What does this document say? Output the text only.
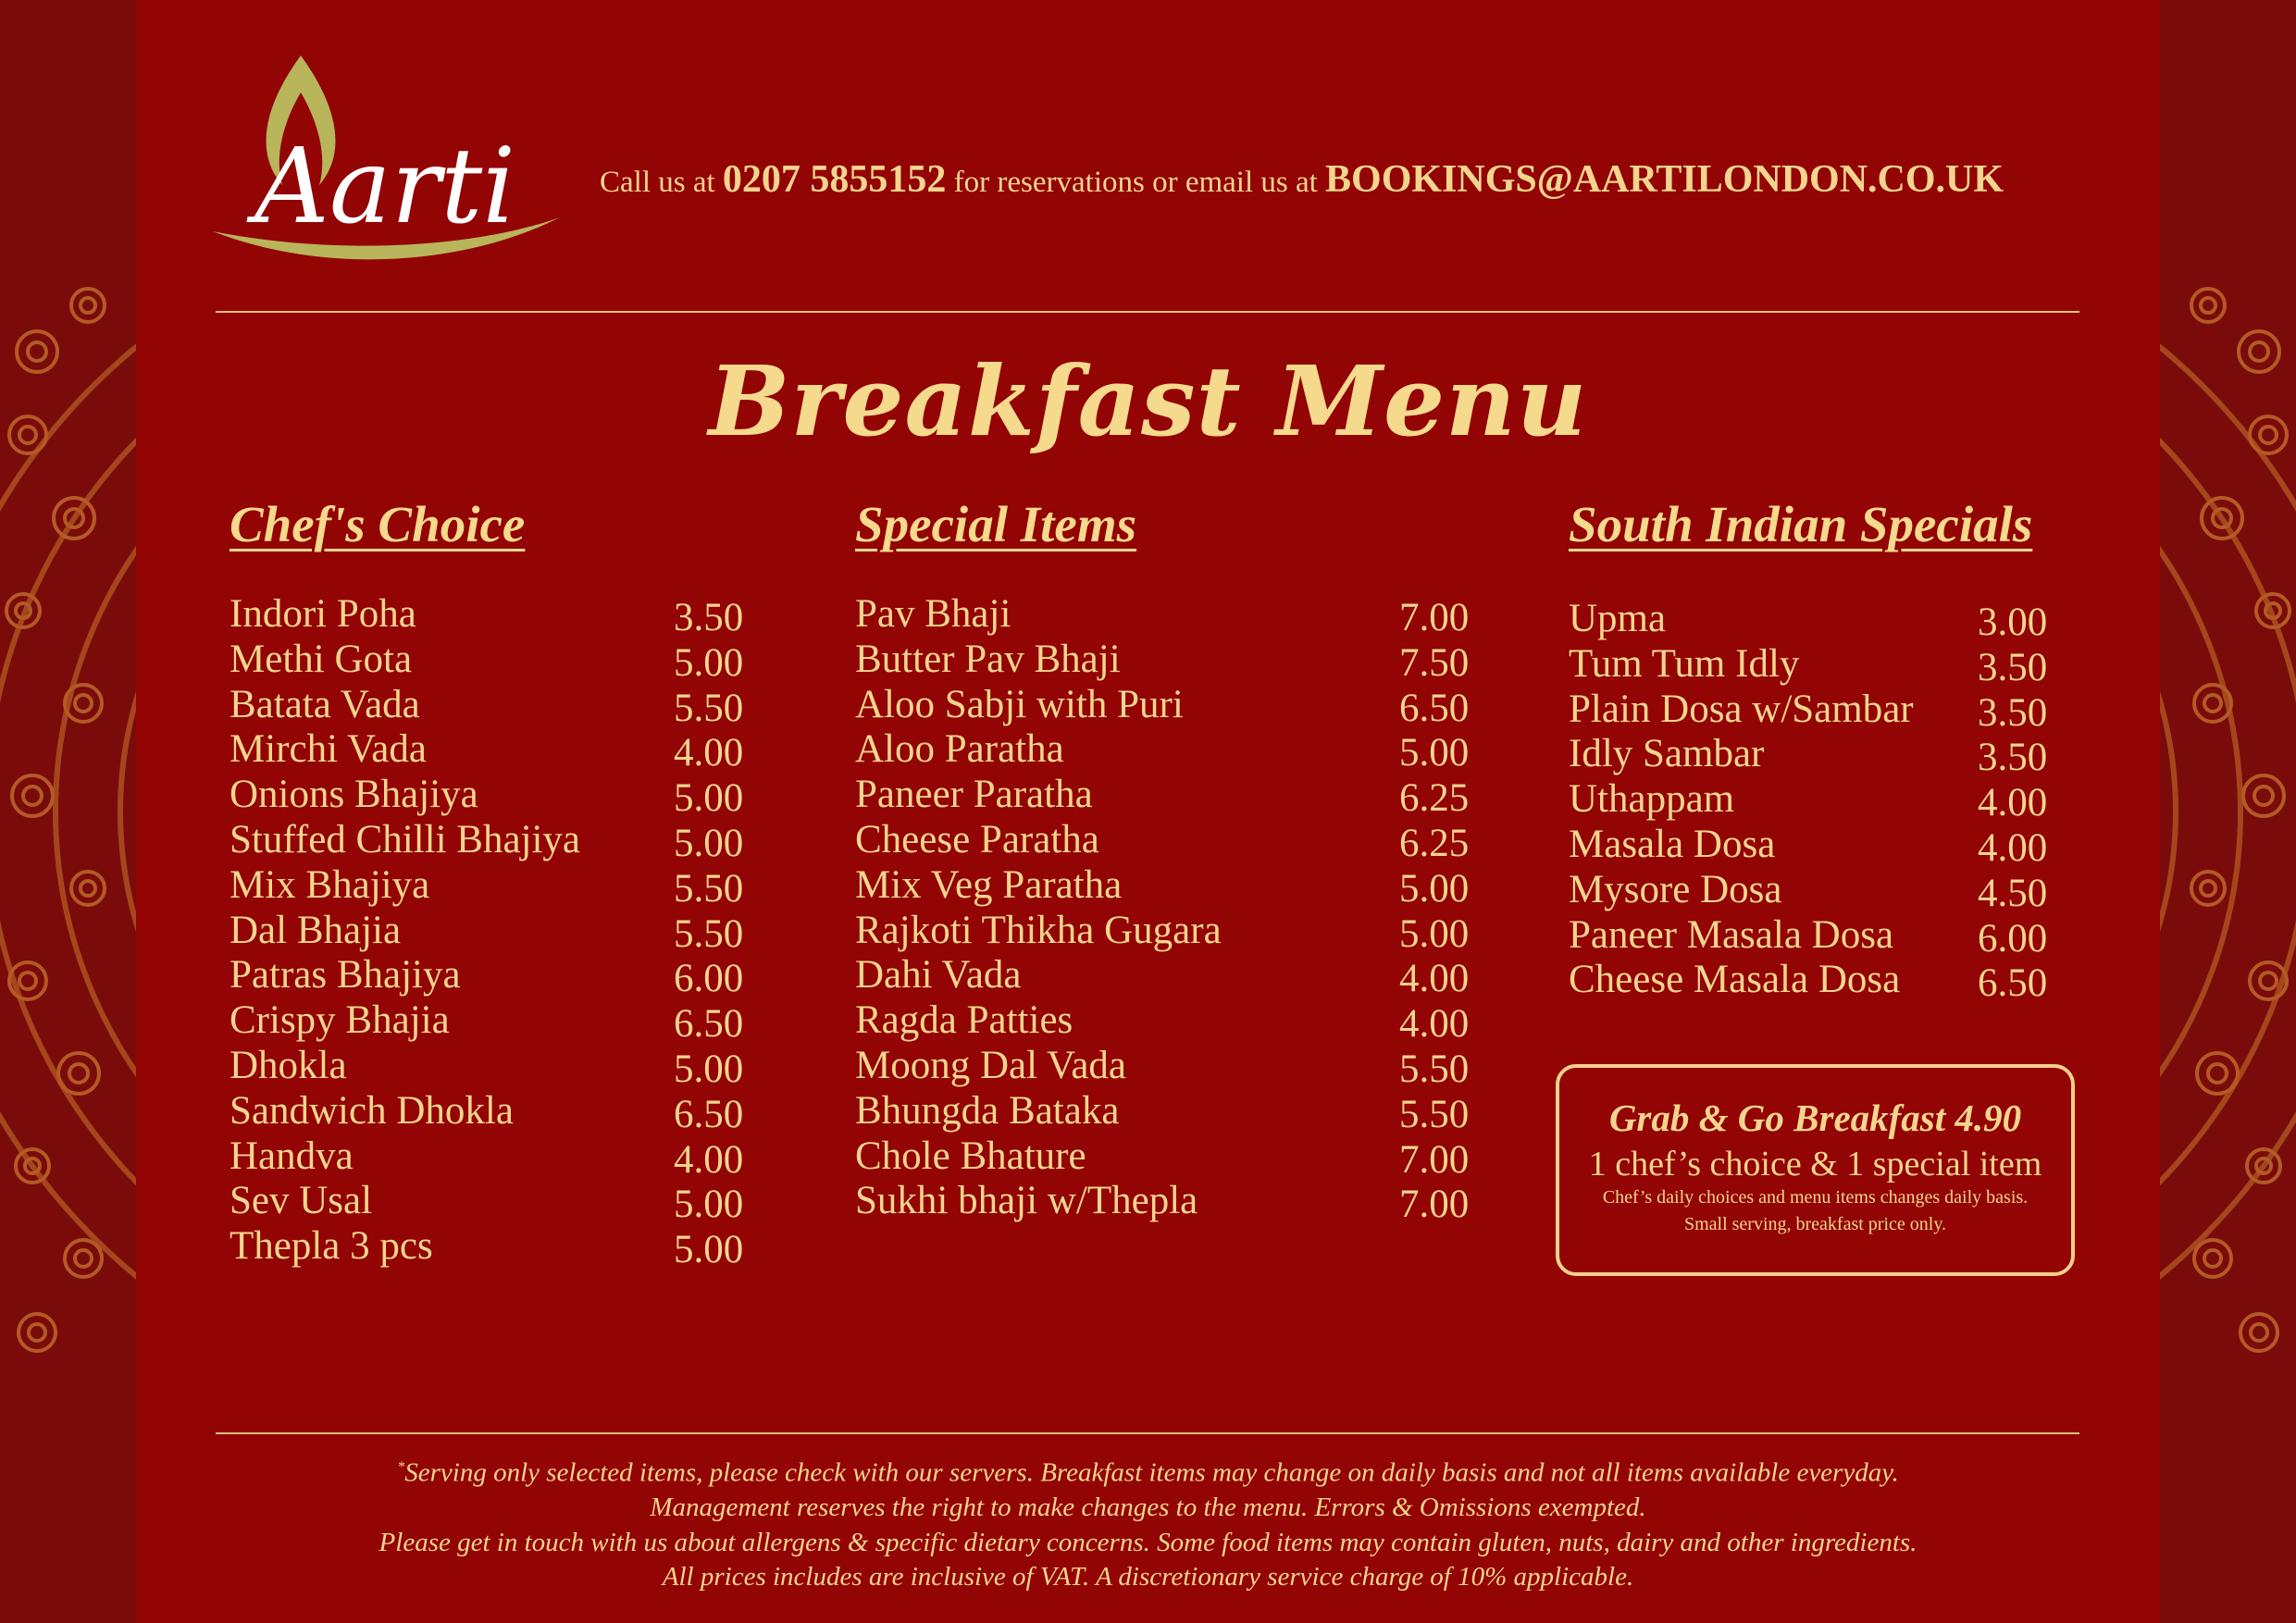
Aarti	Call us at 0207 5855152 for reservations or email us at BOOKINGS@AARTILONDON.CO.UK
Breakfast Menu
Chef's Choice	Special Items	South Indian Specials
Indori Poha	3.50
Methi Gota	5.00
Batata Vada	5.50
Mirchi Vada	4.00
Onions Bhajiya	5.00
Stuffed Chilli Bhajiya 5.00
Mix Bhajiya	5.50
Dal Bhajia	5.50
Patras Bhajiya	6.00
Crispy Bhajia	6.50
Dhokla	5.00
Sandwich Dhokla	6.50
Handva	4.00
Sev Usal	5.00
Thepla 3 pcs	5.00
Pav Bhaji	7.00
Butter Pav Bhaji	7.50
Aloo Sabji with Puri	6.50
Aloo Paratha	5.00
Paneer Paratha	6.25
Cheese Paratha	6.25
Mix Veg Paratha	5.00
Rajkoti Thikha Gugara	5.00
Dahi Vada	4.00
Ragda Patties	4.00
Moong Dal Vada	5.50
Bhungda Bataka	5.50
Chole Bhature	7.00
Sukhi bhaji w/Thepla	7.00
Upma	3.00
Tum Tum Idly	3.50
Plain Dosa w/Sambar 3.50
Idly Sambar	3.50
Uthappam	4.00
Masala Dosa	4.00
Mysore Dosa	4.50
Paneer Masala Dosa 6.00
Cheese Masala Dosa 6.50
Grab & Go Breakfast 4.90
1 chef’s choice & 1 special item
Chef’s daily choices and menu items changes daily basis.
Small serving, breakfast price only.
*Serving only selected items, please check with our servers. Breakfast items may change on daily basis and not all items available everyday.
Management reserves the right to make changes to the menu. Errors & Omissions exempted.
Please get in touch with us about allergens & specific dietary concerns. Some food items may contain gluten, nuts, dairy and other ingredients.
All prices includes are inclusive of VAT. A discretionary service charge of 10% applicable.
